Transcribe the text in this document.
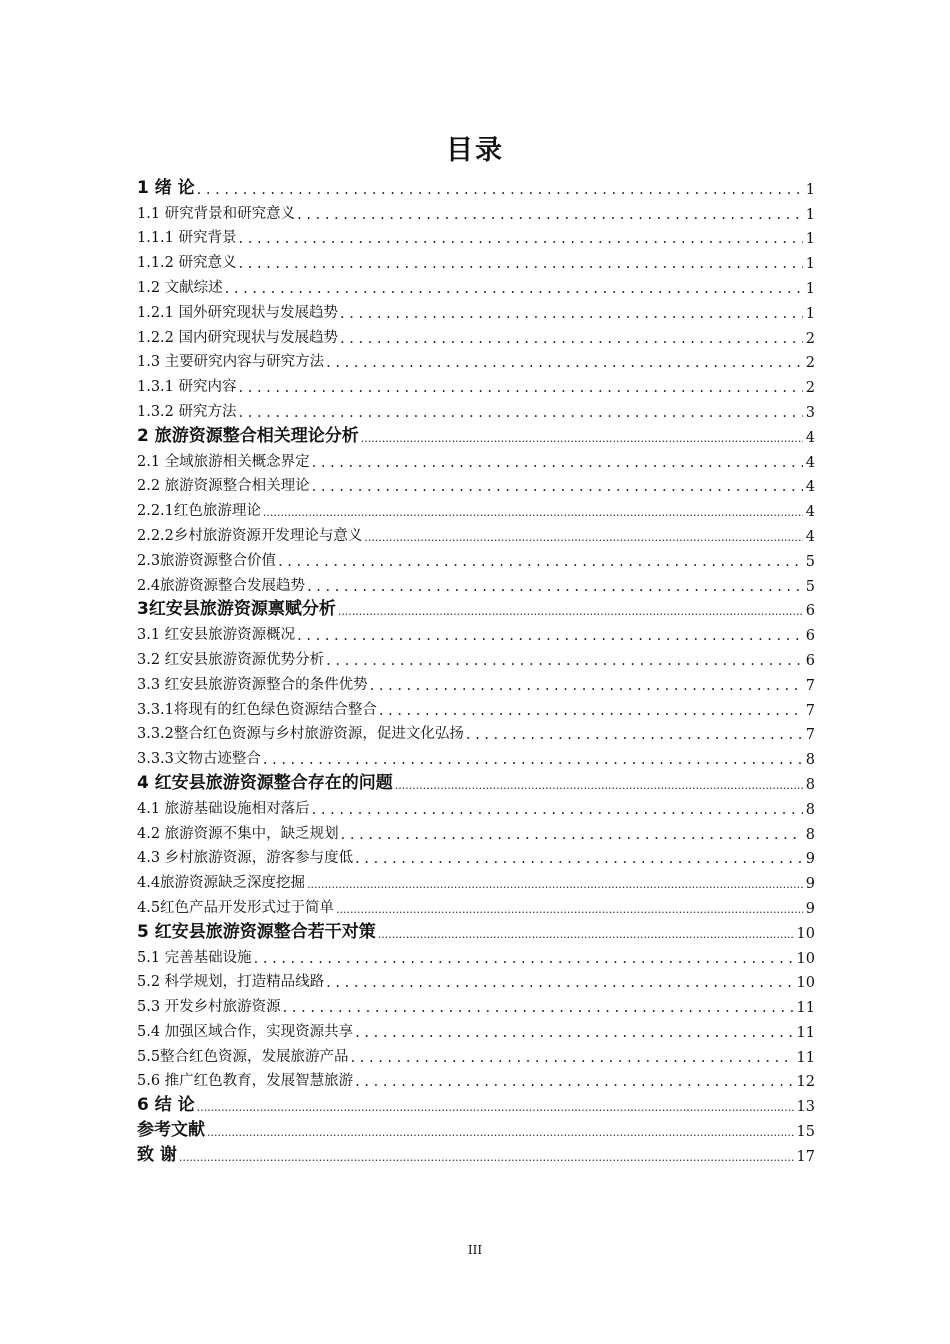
目录
1 绪 论 . . .	1
1.1 研究背景和研究意义 . . .	1
1.1.1 研究背景 . . .	1
1.1.2 研究意义 . . .	1
1.2 文献综述 . . .	1
1.2.1 国外研究现状与发展趋势 . . .	1
1.2.2 国内研究现状与发展趋势 . . .	2
1.3 主要研究内容与研究方法 . . .	2
1.3.1 研究内容 . . .	2
1.3.2 研究方法 . . .	3
2 旅游资源整合相关理论分析 .....	4
2.1 全域旅游相关概念界定 . . .	4
2.2 旅游资源整合相关理论 . . .	4
2.2.1红色旅游理论 .....	4
2.2.2乡村旅游资源开发理论与意义 .....	4
2.3旅游资源整合价值 . . .	5
2.4旅游资源整合发展趋势 . . .	5
3红安县旅游资源禀赋分析 .....	6
3.1 红安县旅游资源概况 . . .	6
3.2 红安县旅游资源优势分析 . . .	6
3.3 红安县旅游资源整合的条件优势 . . .	7
3.3.1将现有的红色绿色资源结合整合 . . .	7
3.3.2整合红色资源与乡村旅游资源，促进文化弘扬 . . .	7
3.3.3文物古迹整合 . . .	8
4 红安县旅游资源整合存在的问题 .....	8
4.1 旅游基础设施相对落后 . . .	8
4.2 旅游资源不集中，缺乏规划 . . .	8
4.3 乡村旅游资源，游客参与度低 . . .	9
4.4旅游资源缺乏深度挖掘 .....	9
4.5红色产品开发形式过于简单 .....	9
5 红安县旅游资源整合若干对策 .....	10
5.1 完善基础设施 . . .	10
5.2 科学规划，打造精品线路 . . .	10
5.3 开发乡村旅游资源 . . .	11
5.4 加强区域合作，实现资源共享 . . .	11
5.5整合红色资源，发展旅游产品 . . .	11
5.6 推广红色教育，发展智慧旅游 . . .	12
6 结 论 .....	13
参考文献 .....	15
致 谢 .....	17
III
